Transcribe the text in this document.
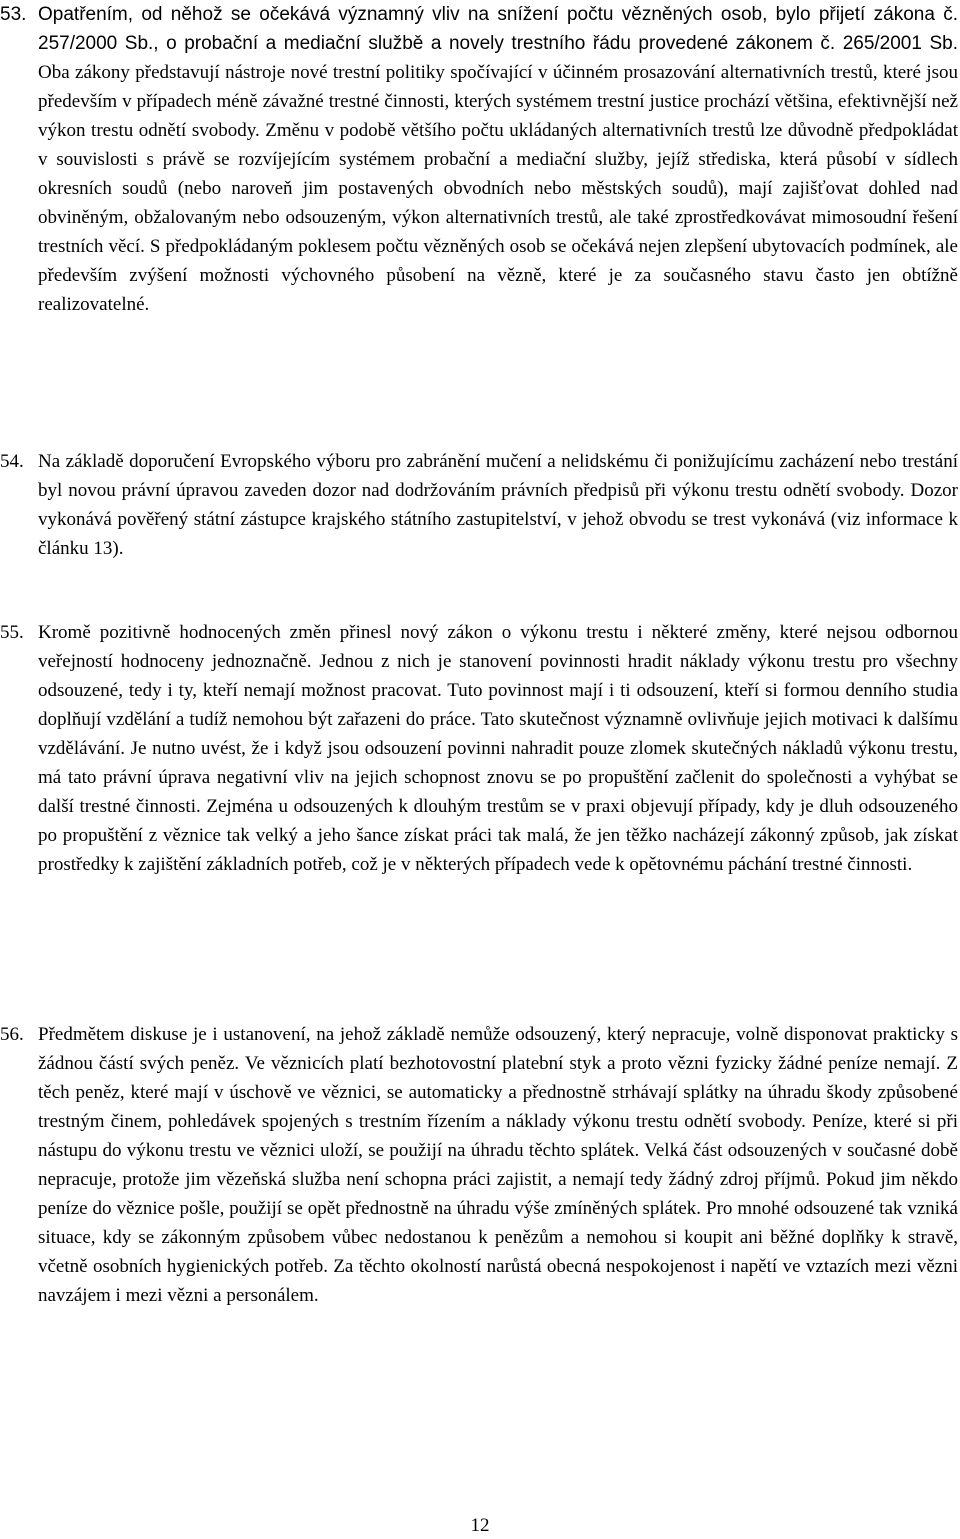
53. Opatřením, od něhož se očekává významný vliv na snížení počtu vězněných osob, bylo přijetí zákona č. 257/2000 Sb., o probační a mediační službě a novely trestního řádu provedené zákonem č. 265/2001 Sb. Oba zákony představují nástroje nové trestní politiky spočívající v účinném prosazování alternativních trestů, které jsou především v případech méně závažné trestné činnosti, kterých systémem trestní justice prochází většina, efektivnější než výkon trestu odnětí svobody. Změnu v podobě většího počtu ukládaných alternativních trestů lze důvodně předpokládat v souvislosti s právě se rozvíjejícím systémem probační a mediační služby, jejíž střediska, která působí v sídlech okresních soudů (nebo naroveň jim postavených obvodních nebo městských soudů), mají zajišťovat dohled nad obviněným, obžalovaným nebo odsouzeným, výkon alternativních trestů, ale také zprostředkovávat mimosoudní řešení trestních věcí. S předpokládaným poklesem počtu vězněných osob se očekává nejen zlepšení ubytovacích podmínek, ale především zvýšení možnosti výchovného působení na vězně, které je za současného stavu často jen obtížně realizovatelné.
54. Na základě doporučení Evropského výboru pro zabránění mučení a nelidskému či ponižujícímu zacházení nebo trestání byl novou právní úpravou zaveden dozor nad dodržováním právních předpisů při výkonu trestu odnětí svobody. Dozor vykonává pověřený státní zástupce krajského státního zastupitelství, v jehož obvodu se trest vykonává (viz informace k článku 13).
55. Kromě pozitivně hodnocených změn přinesl nový zákon o výkonu trestu i některé změny, které nejsou odbornou veřejností hodnoceny jednoznačně. Jednou z nich je stanovení povinnosti hradit náklady výkonu trestu pro všechny odsouzené, tedy i ty, kteří nemají možnost pracovat. Tuto povinnost mají i ti odsouzení, kteří si formou denního studia doplňují vzdělání a tudíž nemohou být zařazeni do práce. Tato skutečnost významně ovlivňuje jejich motivaci k dalšímu vzdělávání. Je nutno uvést, že i když jsou odsouzení povinni nahradit pouze zlomek skutečných nákladů výkonu trestu, má tato právní úprava negativní vliv na jejich schopnost znovu se po propuštění začlenit do společnosti a vyhýbat se další trestné činnosti. Zejména u odsouzených k dlouhým trestům se v praxi objevují případy, kdy je dluh odsouzeného po propuštění z věznice tak velký a jeho šance získat práci tak malá, že jen těžko nacházejí zákonný způsob, jak získat prostředky k zajištění základních potřeb, což je v některých případech vede k opětovnému páchání trestné činnosti.
56. Předmětem diskuse je i ustanovení, na jehož základě nemůže odsouzený, který nepracuje, volně disponovat prakticky s žádnou částí svých peněz. Ve věznicích platí bezhotovostní platební styk a proto vězni fyzicky žádné peníze nemají. Z těch peněz, které mají v úschově ve věznici, se automaticky a přednostně strhávají splátky na úhradu škody způsobené trestným činem, pohledávek spojených s trestním řízením a náklady výkonu trestu odnětí svobody. Peníze, které si při nástupu do výkonu trestu ve věznici uloží, se použijí na úhradu těchto splátek. Velká část odsouzených v současné době nepracuje, protože jim vězeňská služba není schopna práci zajistit, a nemají tedy žádný zdroj příjmů. Pokud jim někdo peníze do věznice pošle, použijí se opět přednostně na úhradu výše zmíněných splátek. Pro mnohé odsouzené tak vzniká situace, kdy se zákonným způsobem vůbec nedostanou k penězům a nemohou si koupit ani běžné doplňky k stravě, včetně osobních hygienických potřeb. Za těchto okolností narůstá obecná nespokojenost i napětí ve vztazích mezi vězni navzájem i mezi vězni a personálem.
12
